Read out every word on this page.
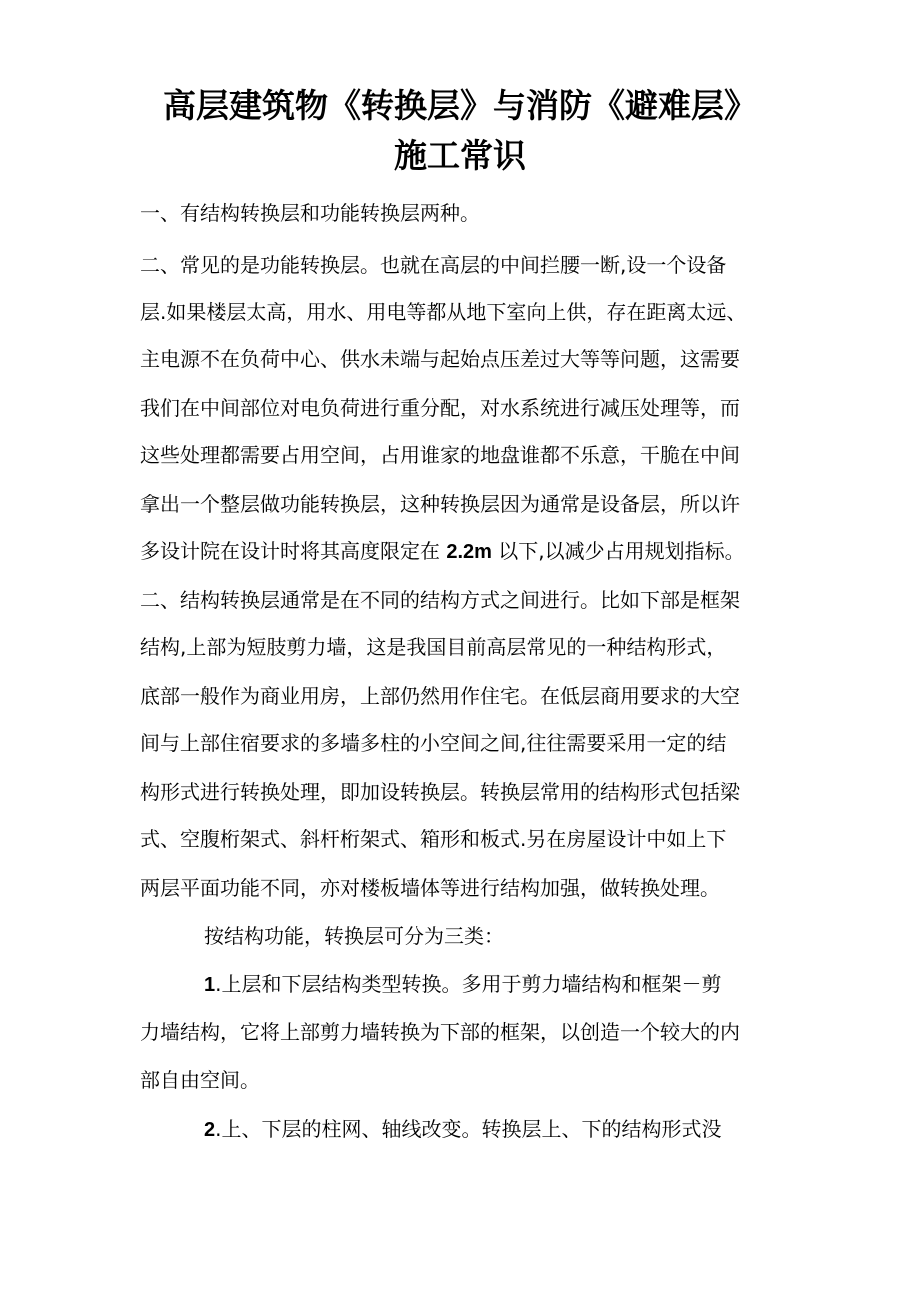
高层建筑物《转换层》与消防《避难层》
施工常识
一、有结构转换层和功能转换层两种。
二、常见的是功能转换层。也就在高层的中间拦腰一断,设一个设备
层.如果楼层太高，用水、用电等都从地下室向上供，存在距离太远、
主电源不在负荷中心、供水未端与起始点压差过大等等问题，这需要
我们在中间部位对电负荷进行重分配，对水系统进行减压处理等，而
这些处理都需要占用空间，占用谁家的地盘谁都不乐意，干脆在中间
拿出一个整层做功能转换层，这种转换层因为通常是设备层，所以许
多设计院在设计时将其高度限定在 2.2m 以下,以减少占用规划指标。
二、结构转换层通常是在不同的结构方式之间进行。比如下部是框架
结构,上部为短肢剪力墙，这是我国目前高层常见的一种结构形式，
底部一般作为商业用房，上部仍然用作住宅。在低层商用要求的大空
间与上部住宿要求的多墙多柱的小空间之间,往往需要采用一定的结
构形式进行转换处理，即加设转换层。转换层常用的结构形式包括梁
式、空腹桁架式、斜杆桁架式、箱形和板式.另在房屋设计中如上下
两层平面功能不同，亦对楼板墙体等进行结构加强，做转换处理。
按结构功能，转换层可分为三类：
1.上层和下层结构类型转换。多用于剪力墙结构和框架－剪
力墙结构，它将上部剪力墙转换为下部的框架，以创造一个较大的内
部自由空间。
2.上、下层的柱网、轴线改变。转换层上、下的结构形式没
